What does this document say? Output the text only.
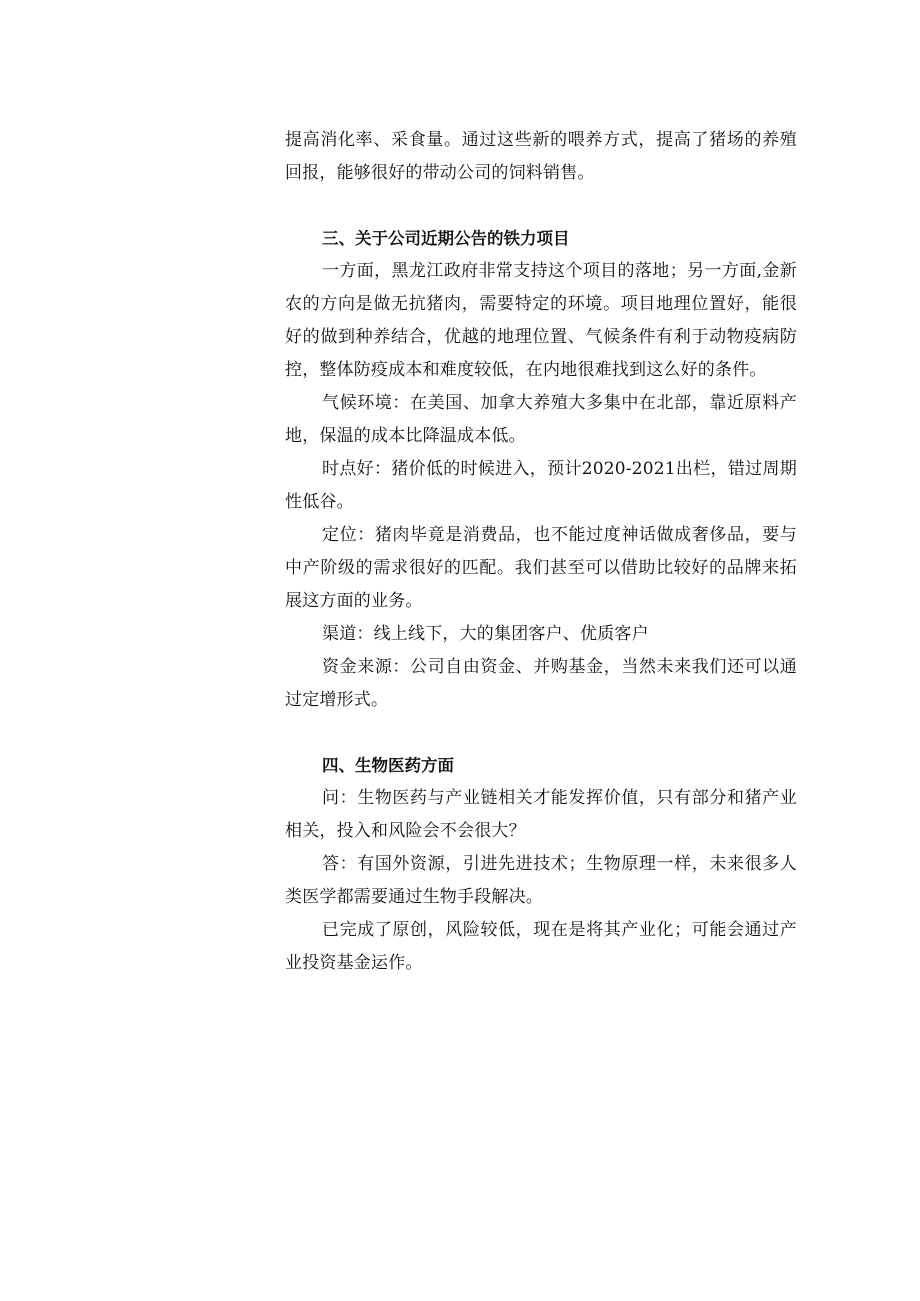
提高消化率、采食量。通过这些新的喂养方式，提高了猪场的养殖回报，能够很好的带动公司的饲料销售。

三、关于公司近期公告的铁力项目

一方面，黑龙江政府非常支持这个项目的落地；另一方面,金新农的方向是做无抗猪肉，需要特定的环境。项目地理位置好，能很好的做到种养结合，优越的地理位置、气候条件有利于动物疫病防控，整体防疫成本和难度较低，在内地很难找到这么好的条件。

气候环境：在美国、加拿大养殖大多集中在北部，靠近原料产地，保温的成本比降温成本低。

时点好：猪价低的时候进入，预计2020-2021出栏，错过周期性低谷。

定位：猪肉毕竟是消费品，也不能过度神话做成奢侈品，要与中产阶级的需求很好的匹配。我们甚至可以借助比较好的品牌来拓展这方面的业务。

渠道：线上线下，大的集团客户、优质客户

资金来源：公司自由资金、并购基金，当然未来我们还可以通过定增形式。

四、生物医药方面

问：生物医药与产业链相关才能发挥价值，只有部分和猪产业相关，投入和风险会不会很大？

答：有国外资源，引进先进技术；生物原理一样，未来很多人类医学都需要通过生物手段解决。

已完成了原创，风险较低，现在是将其产业化；可能会通过产业投资基金运作。
